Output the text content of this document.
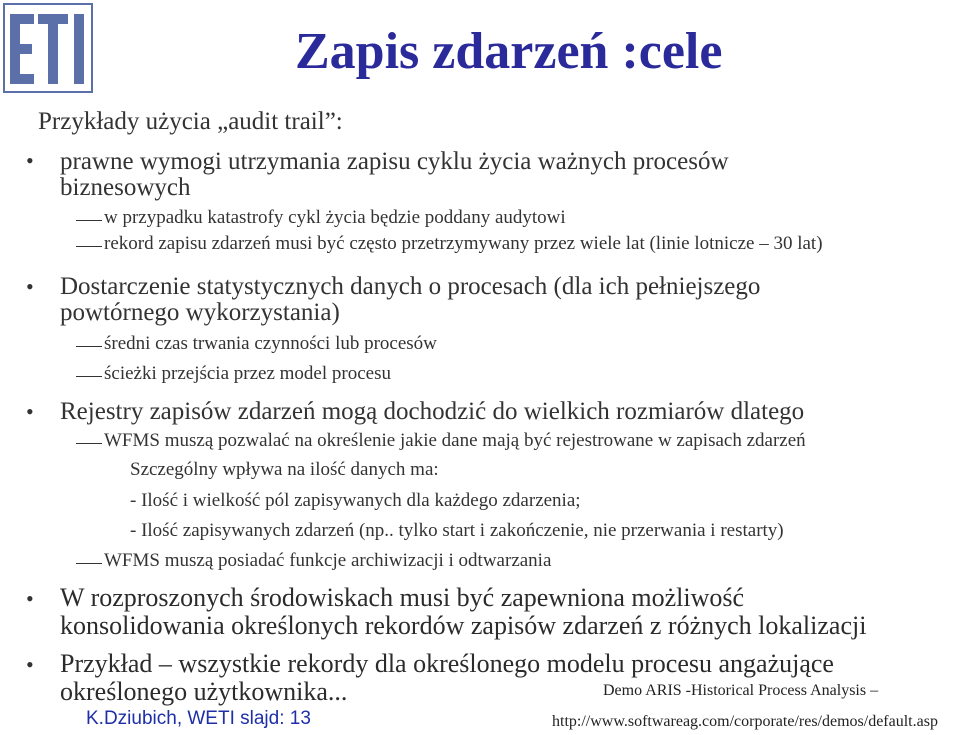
Zapis zdarzeń :cele
Przykłady użycia „audit trail”:
• prawne wymogi utrzymania zapisu cyklu życia ważnych procesów
biznesowych
w przypadku katastrofy cykl życia będzie poddany audytowi
rekord zapisu zdarzeń musi być często przetrzymywany przez wiele lat (linie lotnicze – 30 lat)
• Dostarczenie statystycznych danych o procesach (dla ich pełniejszego
powtórnego wykorzystania)
średni czas trwania czynności lub procesów
ścieżki przejścia przez model procesu
• Rejestry zapisów zdarzeń mogą dochodzić do wielkich rozmiarów dlatego
WFMS muszą pozwalać na określenie jakie dane mają być rejestrowane w zapisach zdarzeń
Szczególny wpływa na ilość danych ma:
- Ilość i wielkość pól zapisywanych dla każdego zdarzenia;
- Ilość zapisywanych zdarzeń (np.. tylko start i zakończenie, nie przerwania i restarty)
WFMS muszą posiadać funkcje archiwizacji i odtwarzania
• W rozproszonych środowiskach musi być zapewniona możliwość
konsolidowania określonych rekordów zapisów zdarzeń z różnych lokalizacji
• Przykład – wszystkie rekordy dla określonego modelu procesu angażujące
określonego użytkownika...	Demo ARIS -Historical Process Analysis –
http://www.softwareag.com/corporate/res/demos/default.asp
K.Dziubich, WETI slajd: 13
